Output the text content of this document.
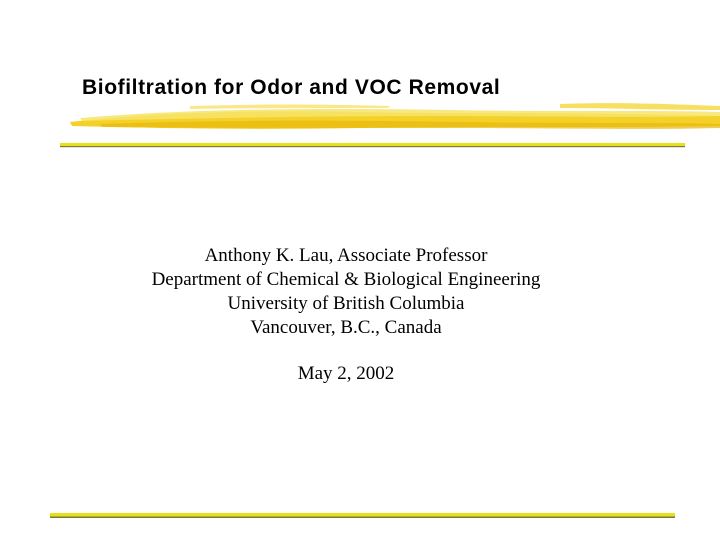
Biofiltration for Odor and VOC Removal
Anthony K. Lau, Associate Professor
Department of Chemical & Biological Engineering
University of British Columbia
Vancouver, B.C., Canada
May 2, 2002
